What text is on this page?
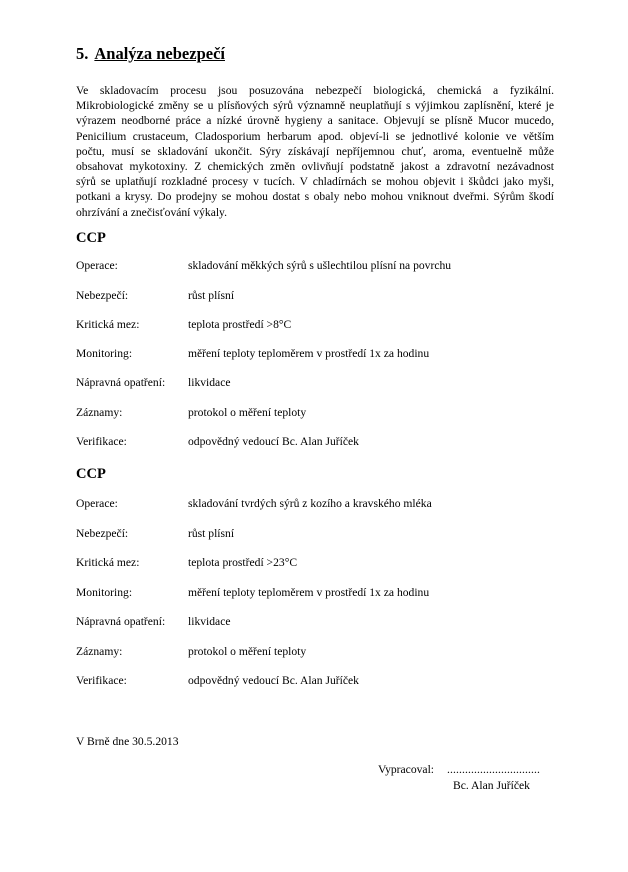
5. Analýza nebezpečí
Ve skladovacím procesu jsou posuzována nebezpečí biologická, chemická a fyzikální.
Mikrobiologické změny se u plísňových sýrů významně neuplatňují s výjimkou zaplísnění, které je
výrazem neodborné práce a nízké úrovně hygieny a sanitace. Objevují se plísně Mucor mucedo,
Penicilium crustaceum, Cladosporium herbarum apod. objeví-li se jednotlivé kolonie ve větším
počtu, musí se skladování ukončit. Sýry získávají nepříjemnou chuť, aroma, eventuelně může
obsahovat mykotoxiny. Z chemických změn ovlivňují podstatně jakost a zdravotní nezávadnost
sýrů se uplatňují rozkladné procesy v tucích. V chladírnách se mohou objevit i škůdci jako myši,
potkani a krysy. Do prodejny se mohou dostat s obaly nebo mohou vniknout dveřmi. Sýrům škodí
ohrzívání a znečisťování výkaly.
CCP
Operace:	skladování měkkých sýrů s ušlechtilou plísní na povrchu
Nebezpečí:	růst plísní
Kritická mez:	teplota prostředí >8°C
Monitoring:	měření teploty teploměrem v prostředí 1x za hodinu
Nápravná opatření: likvidace
Záznamy:	protokol o měření teploty
Verifikace:	odpovědný vedoucí Bc. Alan Juříček
CCP
Operace:	skladování tvrdých sýrů z kozího a kravského mléka
Nebezpečí:	růst plísní
Kritická mez:	teplota prostředí >23°C
Monitoring:	měření teploty teploměrem v prostředí 1x za hodinu
Nápravná opatření: likvidace
Záznamy:	protokol o měření teploty
Verifikace:	odpovědný vedoucí Bc. Alan Juříček
V Brně dne 30.5.2013
Vypracoval: ...............................
Bc. Alan Juříček
